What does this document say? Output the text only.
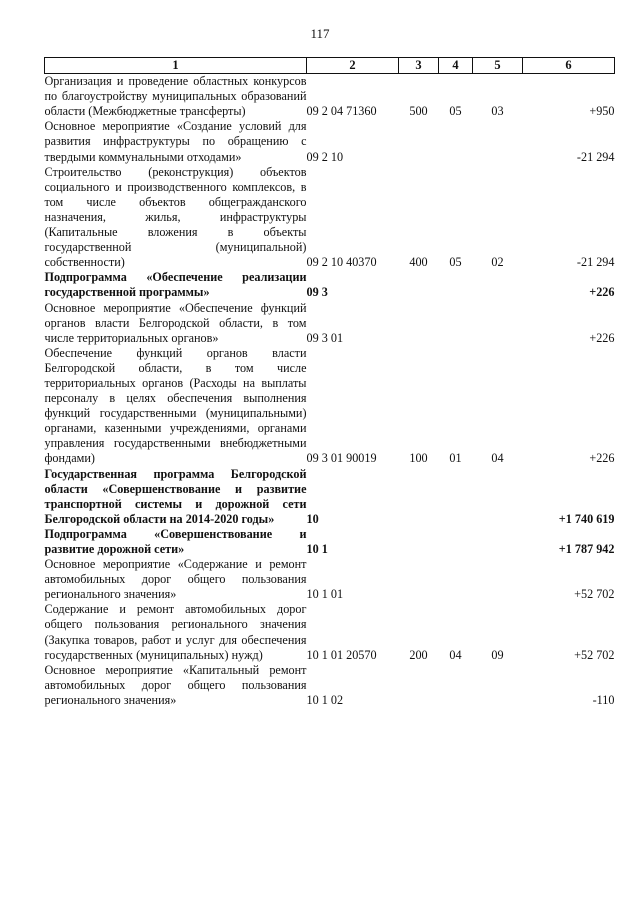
117
1	2	3	4	5	6
Организация и проведение областных конкурсов по благоустройству муниципальных образований области (Межбюджетные трансферты)	09 2 04 71360	500	05	03	+950
Основное мероприятие «Создание условий для развития инфраструктуры по обращению с твердыми коммунальными отходами»	09 2 10				-21 294
Строительство (реконструкция) объектов социального и производственного комплексов, в том числе объектов общегражданского назначения, жилья, инфраструктуры (Капитальные вложения в объекты государственной (муниципальной) собственности)	09 2 10 40370	400	05	02	-21 294
Подпрограмма «Обеспечение реализации государственной программы»	09 3				+226
Основное мероприятие «Обеспечение функций органов власти Белгородской области, в том числе территориальных органов»	09 3 01				+226
Обеспечение функций органов власти Белгородской области, в том числе территориальных органов (Расходы на выплаты персоналу в целях обеспечения выполнения функций государственными (муниципальными) органами, казенными учреждениями, органами управления государственными внебюджетными фондами)	09 3 01 90019	100	01	04	+226
Государственная программа Белгородской области «Совершенствование и развитие транспортной системы и дорожной сети Белгородской области на 2014-2020 годы»	10				+1 740 619
Подпрограмма «Совершенствование и развитие дорожной сети»	10 1				+1 787 942
Основное мероприятие «Содержание и ремонт автомобильных дорог общего пользования регионального значения»	10 1 01				+52 702
Содержание и ремонт автомобильных дорог общего пользования регионального значения (Закупка товаров, работ и услуг для обеспечения государственных (муниципальных) нужд)	10 1 01 20570	200	04	09	+52 702
Основное мероприятие «Капитальный ремонт автомобильных дорог общего пользования регионального значения»	10 1 02				-110
